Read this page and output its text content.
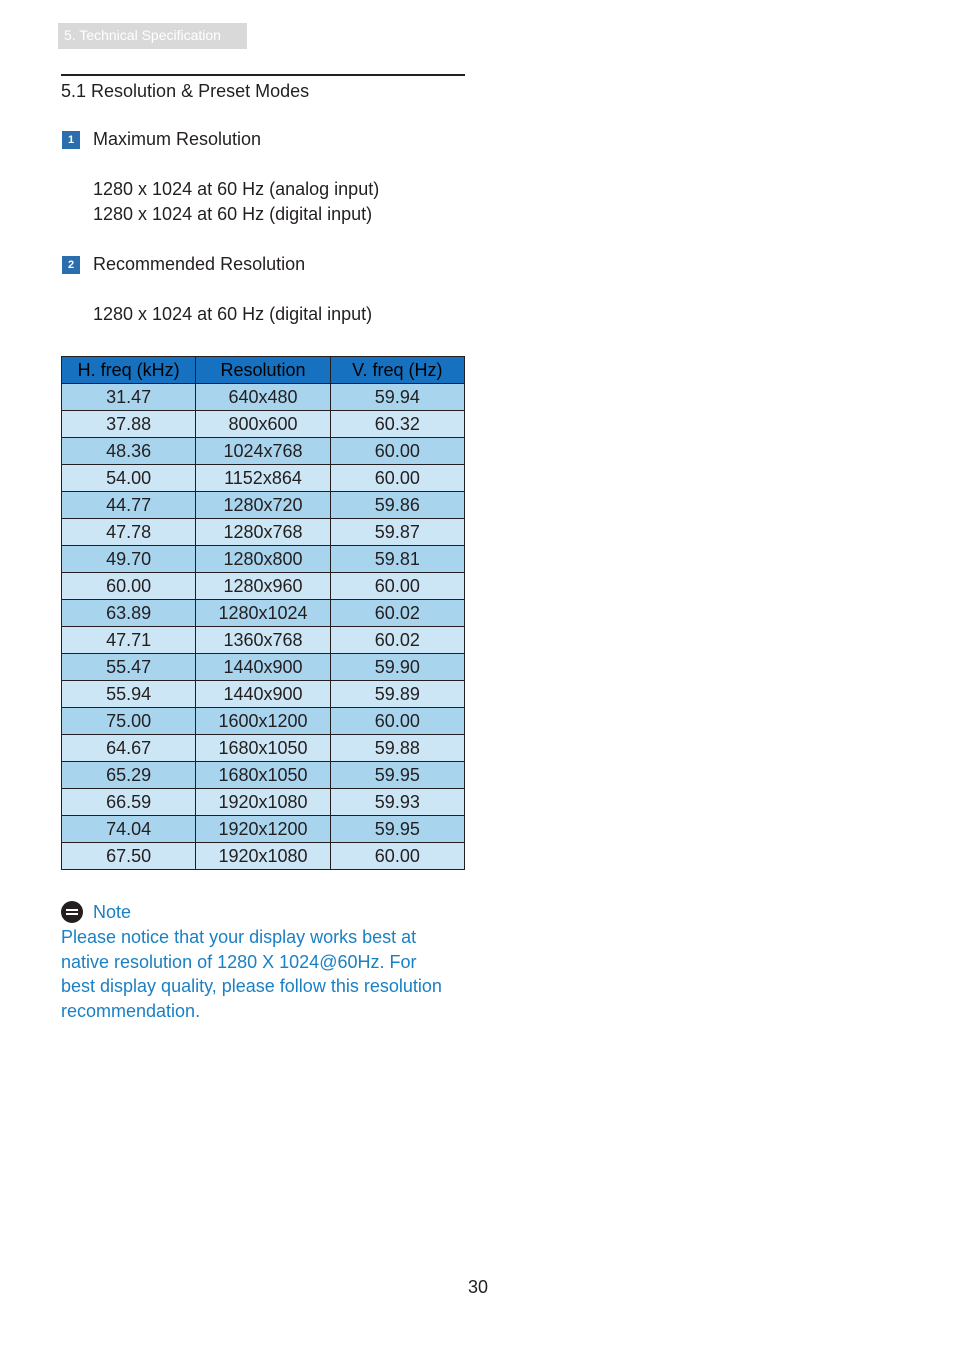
5. Technical Specification
5.1 Resolution & Preset Modes
1	Maximum Resolution
1280 x 1024 at 60 Hz (analog input)
1280 x 1024 at 60 Hz (digital input)
2	Recommended Resolution
1280 x 1024 at 60 Hz (digital input)
H. freq (kHz)	Resolution	V. freq (Hz)
31.47	640x480	59.94
37.88	800x600	60.32
48.36	1024x768	60.00
54.00	1152x864	60.00
44.77	1280x720	59.86
47.78	1280x768	59.87
49.70	1280x800	59.81
60.00	1280x960	60.00
63.89	1280x1024	60.02
47.71	1360x768	60.02
55.47	1440x900	59.90
55.94	1440x900	59.89
75.00	1600x1200	60.00
64.67	1680x1050	59.88
65.29	1680x1050	59.95
66.59	1920x1080	59.93
74.04	1920x1200	59.95
67.50	1920x1080	60.00
Note
Please notice that your display works best at
native resolution of 1280 X 1024@60Hz. For
best display quality, please follow this resolution
recommendation.
30
